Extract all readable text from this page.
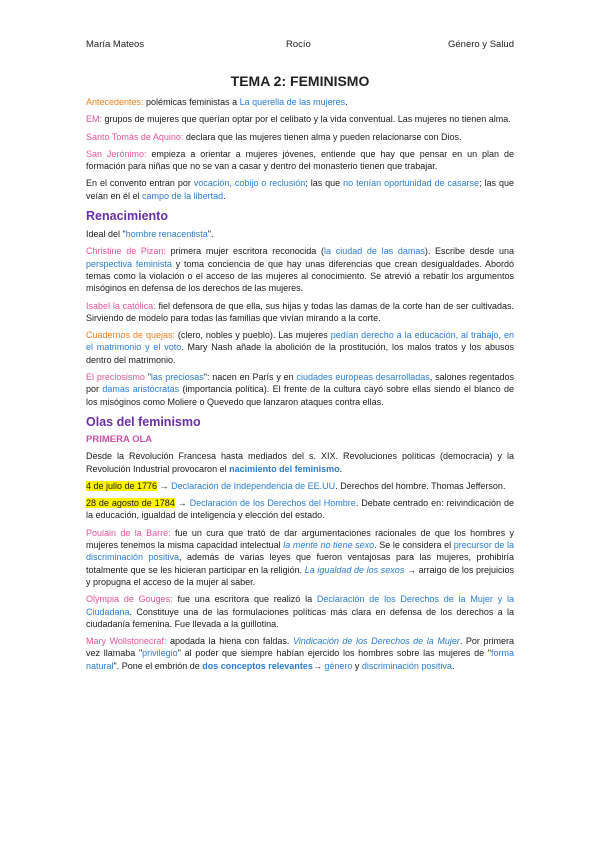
María Mateos	Rocío	Género y Salud
TEMA 2: FEMINISMO

Antecedentes: polémicas feministas a La querella de las mujeres.

EM: grupos de mujeres que querían optar por el celibato y la vida conventual. Las mujeres no tienen alma.

Santo Tomás de Aquino: declara que las mujeres tienen alma y pueden relacionarse con Dios.

San Jerónimo: empieza a orientar a mujeres jóvenes, entiende que hay que pensar en un plan de formación para niñas que no se van a casar y dentro del monasterio tienen que trabajar.

En el convento entran por vocación, cobijo o reclusión; las que no tenían oportunidad de casarse; las que veían en él el campo de la libertad.

Renacimiento

Ideal del "hombre renacentista".

Christine de Pizan: primera mujer escritora reconocida (la ciudad de las damas). Escribe desde una perspectiva feminista y toma conciencia de que hay unas diferencias que crean desigualdades. Abordó temas como la violación o el acceso de las mujeres al conocimiento. Se atrevió a rebatir los argumentos misóginos en defensa de los derechos de las mujeres.

Isabel la católica: fiel defensora de que ella, sus hijas y todas las damas de la corte han de ser cultivadas. Sirviendo de modelo para todas las familias que vivían mirando a la corte.

Cuadernos de quejas: (clero, nobles y pueblo). Las mujeres pedían derecho a la educación, al trabajo, en el matrimonio y el voto. Mary Nash añade la abolición de la prostitución, los malos tratos y los abusos dentro del matrimonio.

El preciosismo "las preciosas": nacen en París y en ciudades europeas desarrolladas, salones regentados por damas aristócratas (importancia política). El frente de la cultura cayó sobre ellas siendo el blanco de los misóginos como Moliere o Quevedo que lanzaron ataques contra ellas.

Olas del feminismo
PRIMERA OLA

Desde la Revolución Francesa hasta mediados del s. XIX. Revoluciones políticas (democracia) y la Revolución Industrial provocaron el nacimiento del feminismo.

4 de julio de 1776 → Declaración de Independencia de EE.UU. Derechos del hombre. Thomas Jefferson.

28 de agosto de 1784 → Declaración de los Derechos del Hombre. Debate centrado en: reivindicación de la educación, igualdad de inteligencia y elección del estado.

Poulain de la Barre: fue un cura que trató de dar argumentaciones racionales de que los hombres y mujeres tenemos la misma capacidad intelectual la mente no tiene sexo. Se le considera el precursor de la discriminación positiva, además de varias leyes que fueron ventajosas para las mujeres, prohibiría totalmente que se les hicieran participar en la religión. La igualdad de los sexos → arraigo de los prejuicios y propugna el acceso de la mujer al saber.

Olympia de Gouges: fue una escritora que realizó la Declaración de los Derechos de la Mujer y la Ciudadana. Constituye una de las formulaciones políticas más clara en defensa de los derechos a la ciudadanía femenina. Fue llevada a la guillotina.

Mary Wollstonecraf: apodada la hiena con faldas. Vindicación de los Derechos de la Mujer. Por primera vez llamaba "privilegio" al poder que siempre habían ejercido los hombres sobre las mujeres de "forma natural". Pone el embrión de dos conceptos relevantes→ género y discriminación positiva.
